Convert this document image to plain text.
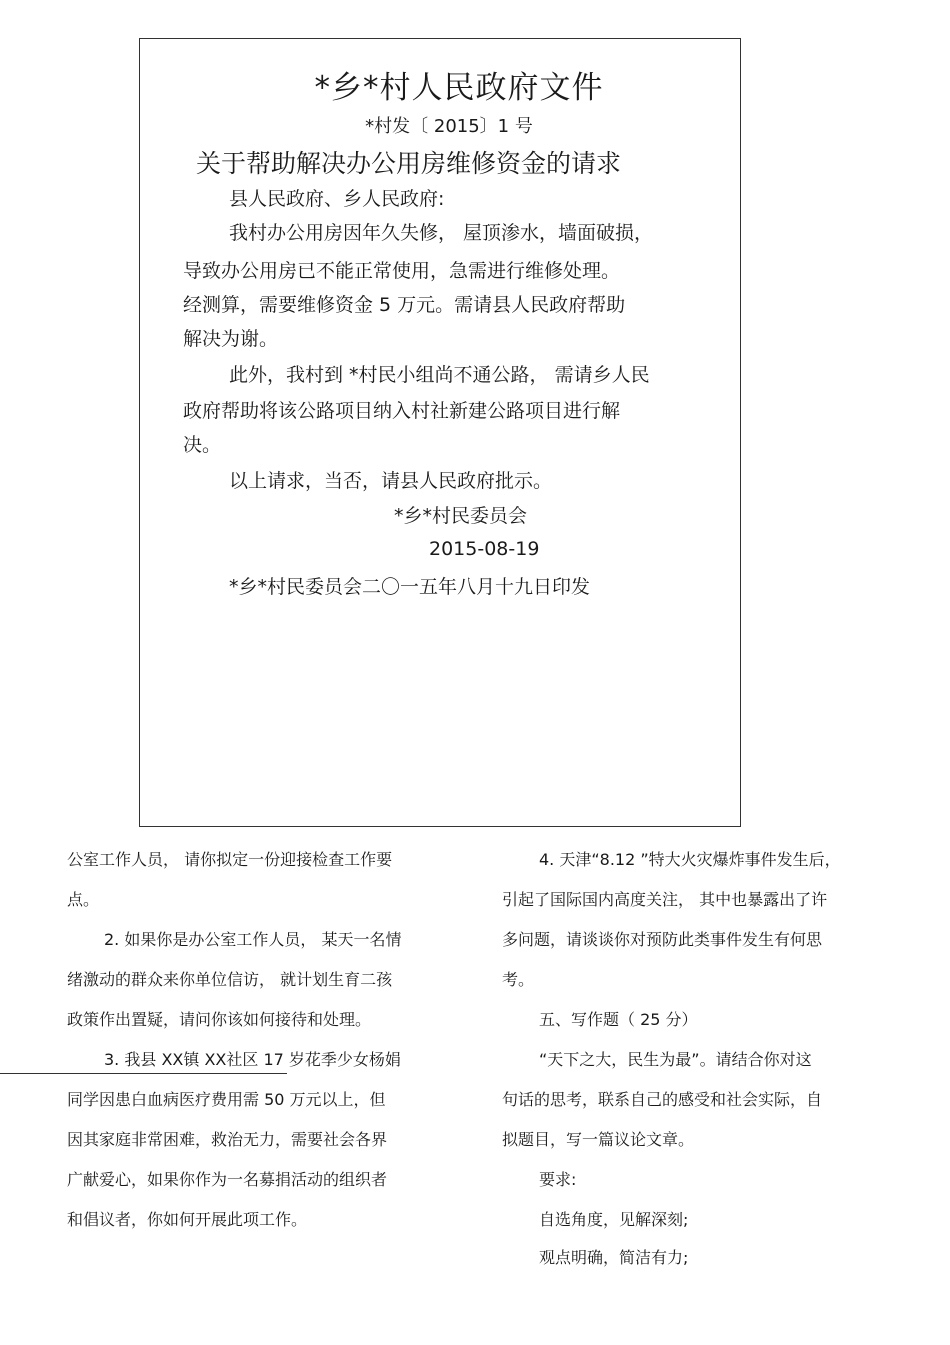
*乡*村人民政府文件
*村发〔 2015〕1 号
关于帮助解决办公用房维修资金的请求
县人民政府、乡人民政府:
我村办公用房因年久失修， 屋顶渗水，墙面破损，
导致办公用房已不能正常使用，急需进行维修处理。
经测算，需要维修资金 5 万元。需请县人民政府帮助
解决为谢。
此外，我村到 *村民小组尚不通公路， 需请乡人民
政府帮助将该公路项目纳入村社新建公路项目进行解
决。
以上请求，当否，请县人民政府批示。
*乡*村民委员会
2015-08-19
*乡*村民委员会二〇一五年八月十九日印发
公室工作人员， 请你拟定一份迎接检查工作要
点。
2. 如果你是办公室工作人员， 某天一名情
绪激动的群众来你单位信访， 就计划生育二孩
政策作出置疑，请问你该如何接待和处理。
3. 我县 XX镇 XX社区 17 岁花季少女杨娟
同学因患白血病医疗费用需 50 万元以上，但
因其家庭非常困难，救治无力，需要社会各界
广献爱心，如果你作为一名募捐活动的组织者
和倡议者，你如何开展此项工作。
4. 天津“8.12 ”特大火灾爆炸事件发生后，
引起了国际国内高度关注， 其中也暴露出了许
多问题，请谈谈你对预防此类事件发生有何思
考。
五、写作题（ 25 分）
“天下之大，民生为最”。请结合你对这
句话的思考，联系自己的感受和社会实际，自
拟题目，写一篇议论文章。
要求:
自选角度，见解深刻;
观点明确，简洁有力;
